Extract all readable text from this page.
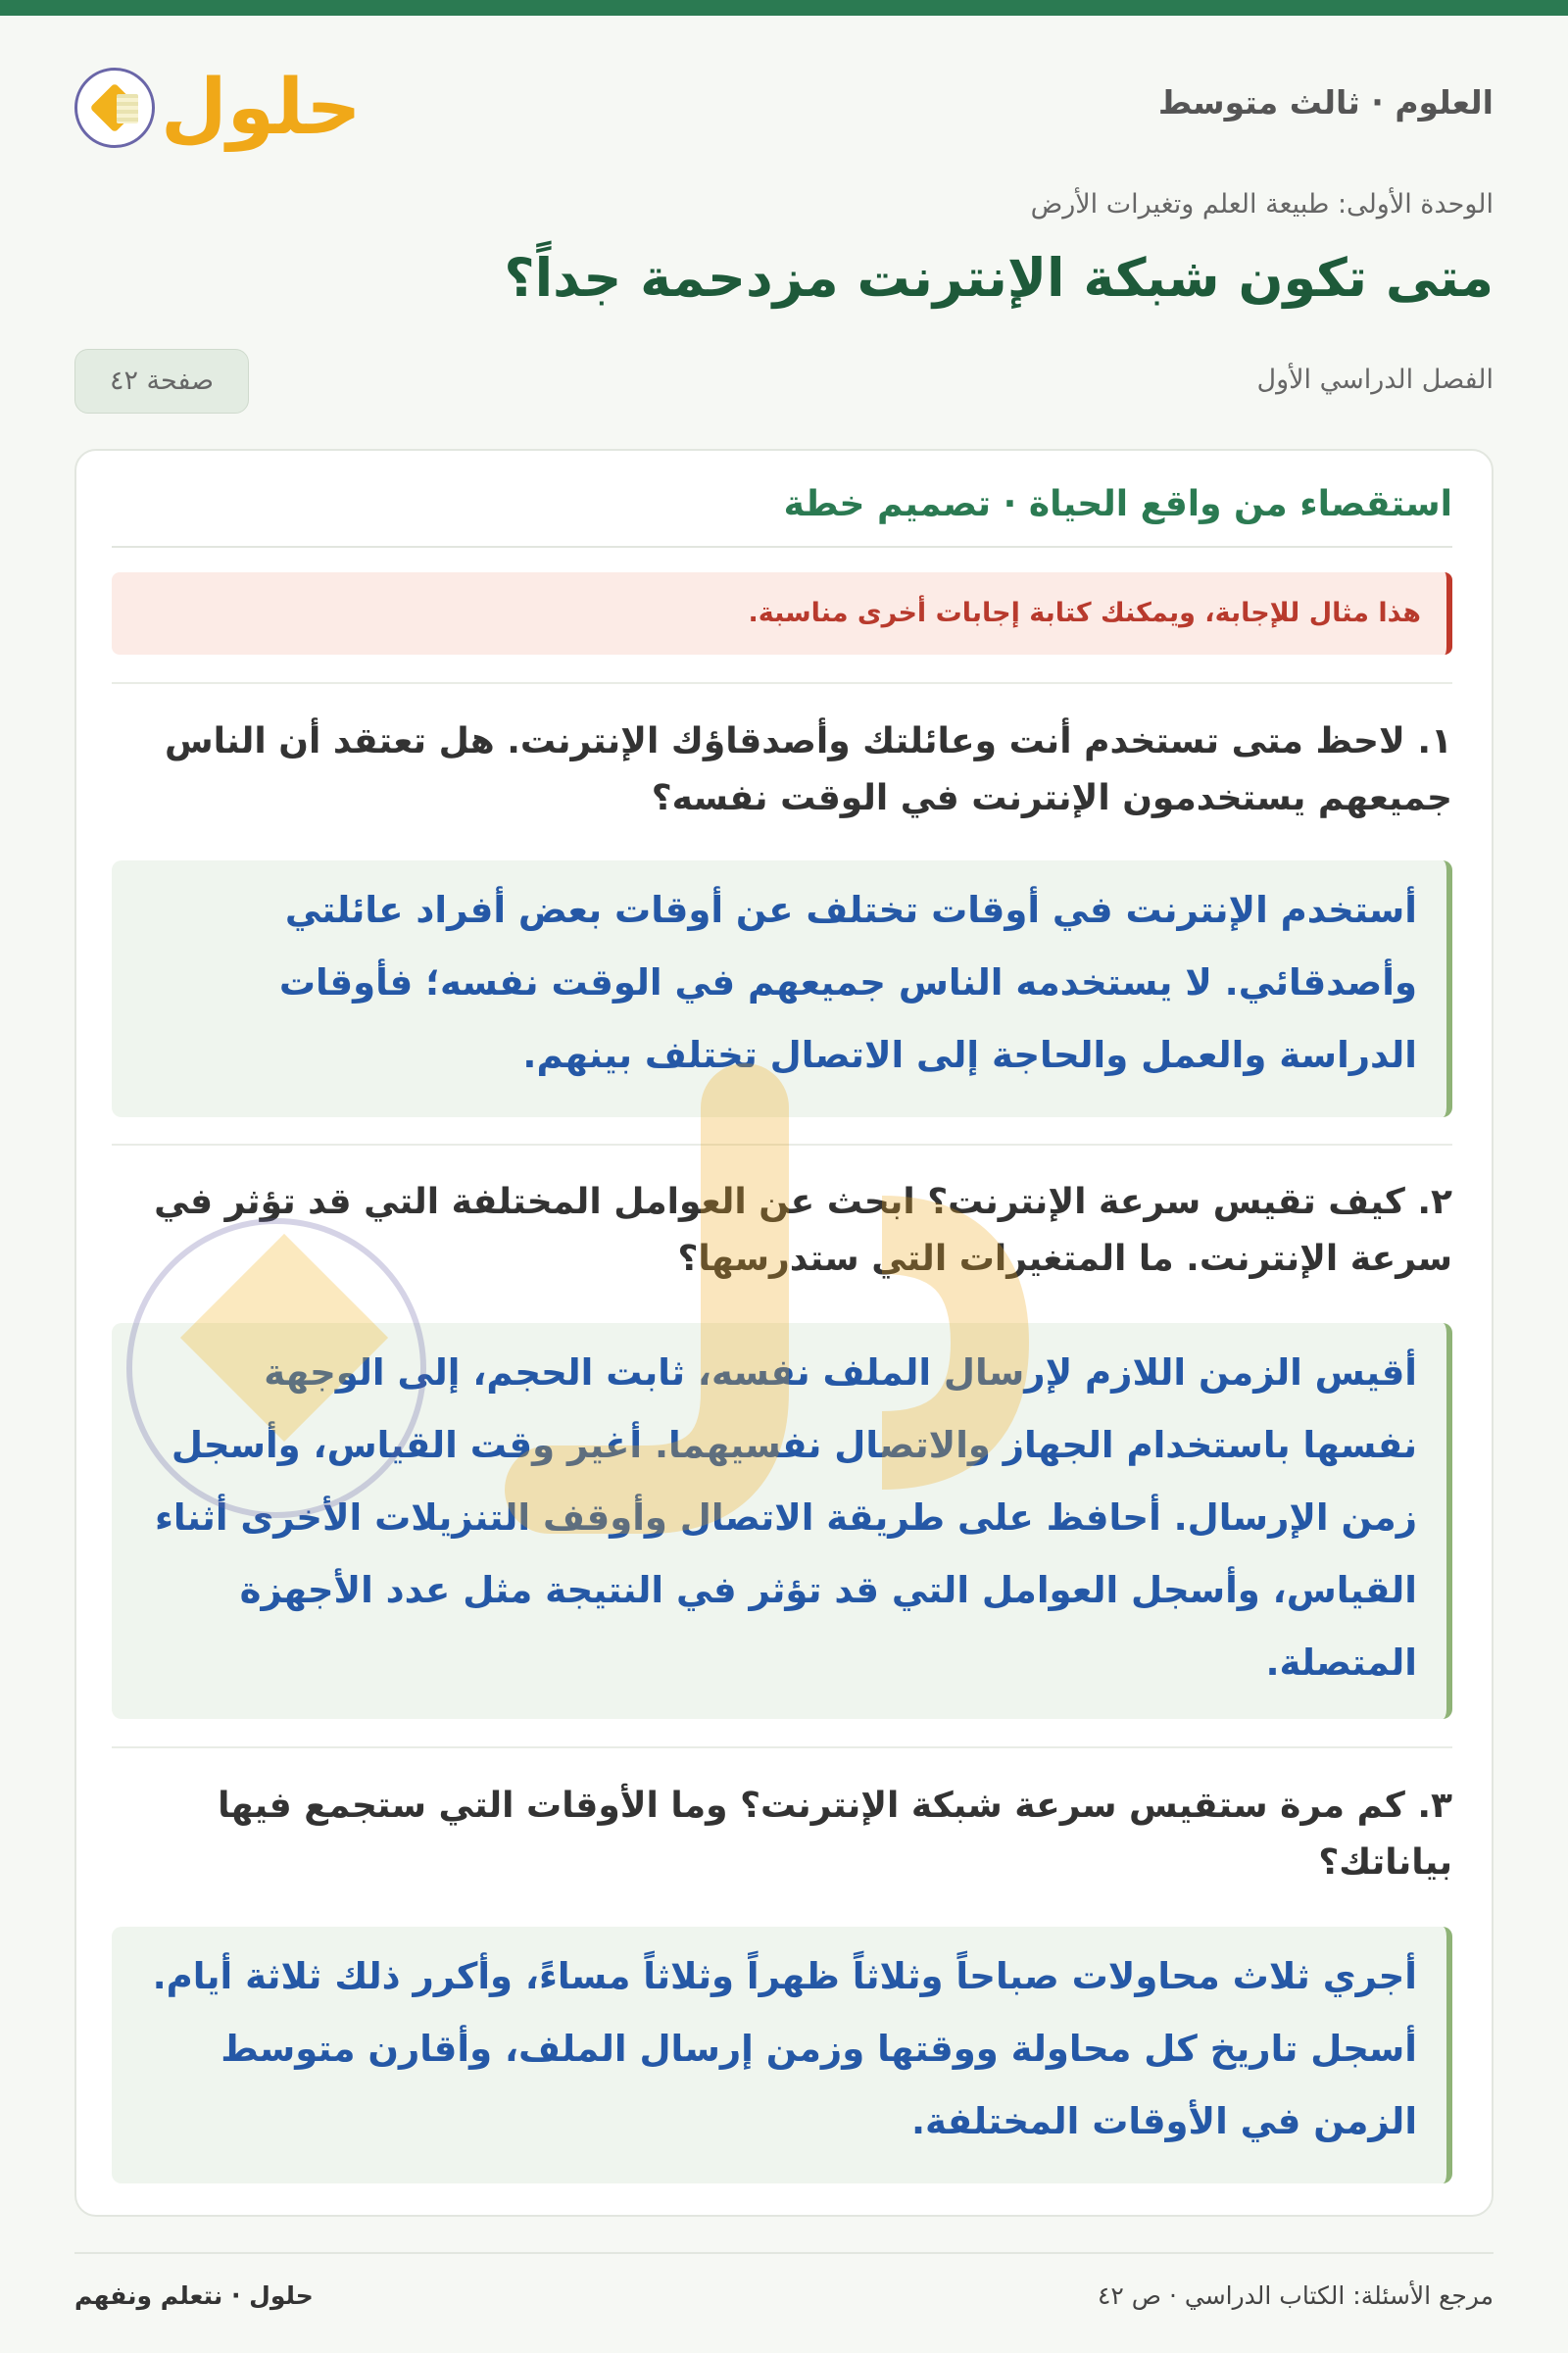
العلوم · ثالث متوسط
حلول
الوحدة الأولى: طبيعة العلم وتغيرات الأرض
متى تكون شبكة الإنترنت مزدحمة جداً؟
الفصل الدراسي الأول
صفحة ٤٢
استقصاء من واقع الحياة · تصميم خطة
هذا مثال للإجابة، ويمكنك كتابة إجابات أخرى مناسبة.
١. لاحظ متى تستخدم أنت وعائلتك وأصدقاؤك الإنترنت. هل تعتقد أن الناس جميعهم يستخدمون الإنترنت في الوقت نفسه؟
أستخدم الإنترنت في أوقات تختلف عن أوقات بعض أفراد عائلتي وأصدقائي. لا يستخدمه الناس جميعهم في الوقت نفسه؛ فأوقات الدراسة والعمل والحاجة إلى الاتصال تختلف بينهم.
٢. كيف تقيس سرعة الإنترنت؟ ابحث عن العوامل المختلفة التي قد تؤثر في سرعة الإنترنت. ما المتغيرات التي ستدرسها؟
أقيس الزمن اللازم لإرسال الملف نفسه، ثابت الحجم، إلى الوجهة نفسها باستخدام الجهاز والاتصال نفسيهما. أغير وقت القياس، وأسجل زمن الإرسال. أحافظ على طريقة الاتصال وأوقف التنزيلات الأخرى أثناء القياس، وأسجل العوامل التي قد تؤثر في النتيجة مثل عدد الأجهزة المتصلة.
٣. كم مرة ستقيس سرعة شبكة الإنترنت؟ وما الأوقات التي ستجمع فيها بياناتك؟
أجري ثلاث محاولات صباحاً وثلاثاً ظهراً وثلاثاً مساءً، وأكرر ذلك ثلاثة أيام. أسجل تاريخ كل محاولة ووقتها وزمن إرسال الملف، وأقارن متوسط الزمن في الأوقات المختلفة.
مرجع الأسئلة: الكتاب الدراسي · ص ٤٢
حلول · نتعلم ونفهم
